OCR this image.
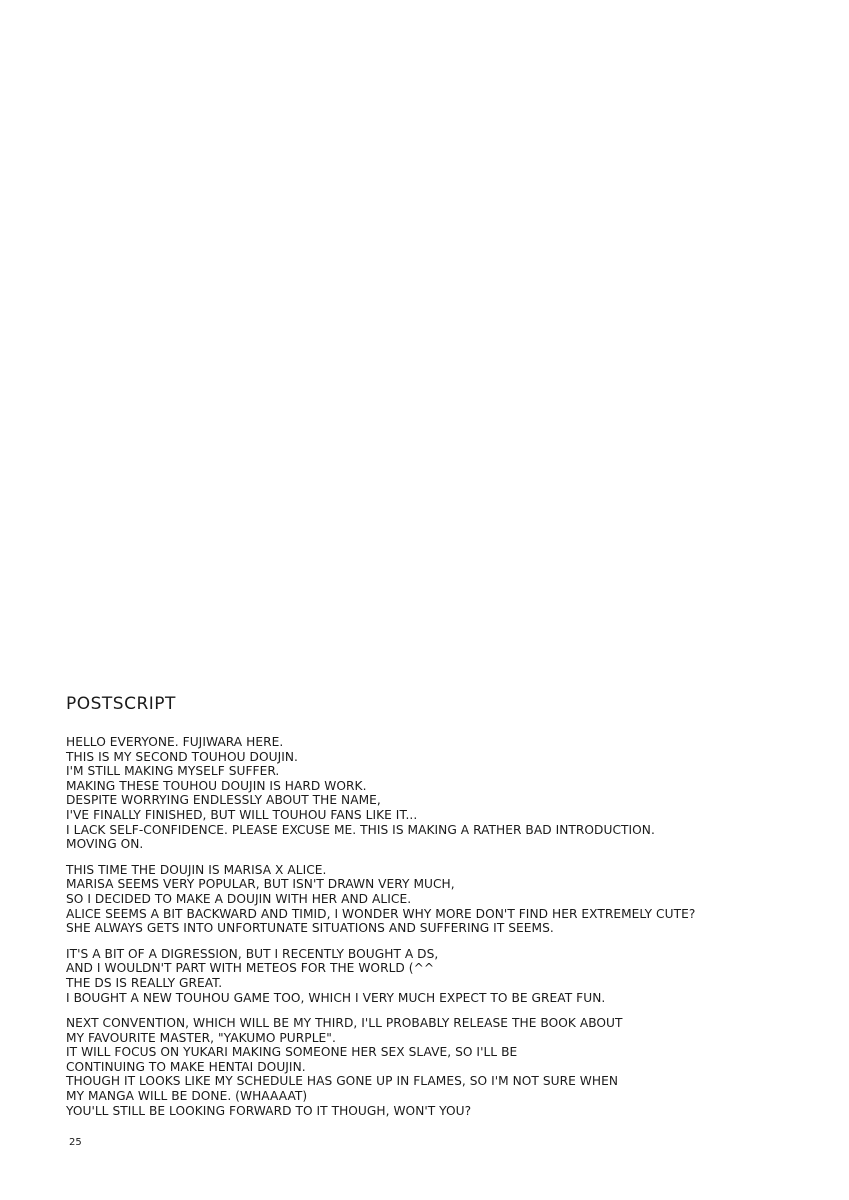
POSTSCRIPT
HELLO EVERYONE. FUJIWARA HERE.
THIS IS MY SECOND TOUHOU DOUJIN.
I'M STILL MAKING MYSELF SUFFER.
MAKING THESE TOUHOU DOUJIN IS HARD WORK.
DESPITE WORRYING ENDLESSLY ABOUT THE NAME,
I'VE FINALLY FINISHED, BUT WILL TOUHOU FANS LIKE IT...
I LACK SELF-CONFIDENCE. PLEASE EXCUSE ME. THIS IS MAKING A RATHER BAD INTRODUCTION.
MOVING ON.
THIS TIME THE DOUJIN IS MARISA X ALICE.
MARISA SEEMS VERY POPULAR, BUT ISN'T DRAWN VERY MUCH,
SO I DECIDED TO MAKE A DOUJIN WITH HER AND ALICE.
ALICE SEEMS A BIT BACKWARD AND TIMID, I WONDER WHY MORE DON'T FIND HER EXTREMELY CUTE?
SHE ALWAYS GETS INTO UNFORTUNATE SITUATIONS AND SUFFERING IT SEEMS.
IT'S A BIT OF A DIGRESSION, BUT I RECENTLY BOUGHT A DS,
AND I WOULDN'T PART WITH METEOS FOR THE WORLD (^^
THE DS IS REALLY GREAT.
I BOUGHT A NEW TOUHOU GAME TOO, WHICH I VERY MUCH EXPECT TO BE GREAT FUN.
NEXT CONVENTION, WHICH WILL BE MY THIRD, I'LL PROBABLY RELEASE THE BOOK ABOUT
MY FAVOURITE MASTER, "YAKUMO PURPLE".
IT WILL FOCUS ON YUKARI MAKING SOMEONE HER SEX SLAVE, SO I'LL BE
CONTINUING TO MAKE HENTAI DOUJIN.
THOUGH IT LOOKS LIKE MY SCHEDULE HAS GONE UP IN FLAMES, SO I'M NOT SURE WHEN
MY MANGA WILL BE DONE. (WHAAAAT)
YOU'LL STILL BE LOOKING FORWARD TO IT THOUGH, WON'T YOU?
25
